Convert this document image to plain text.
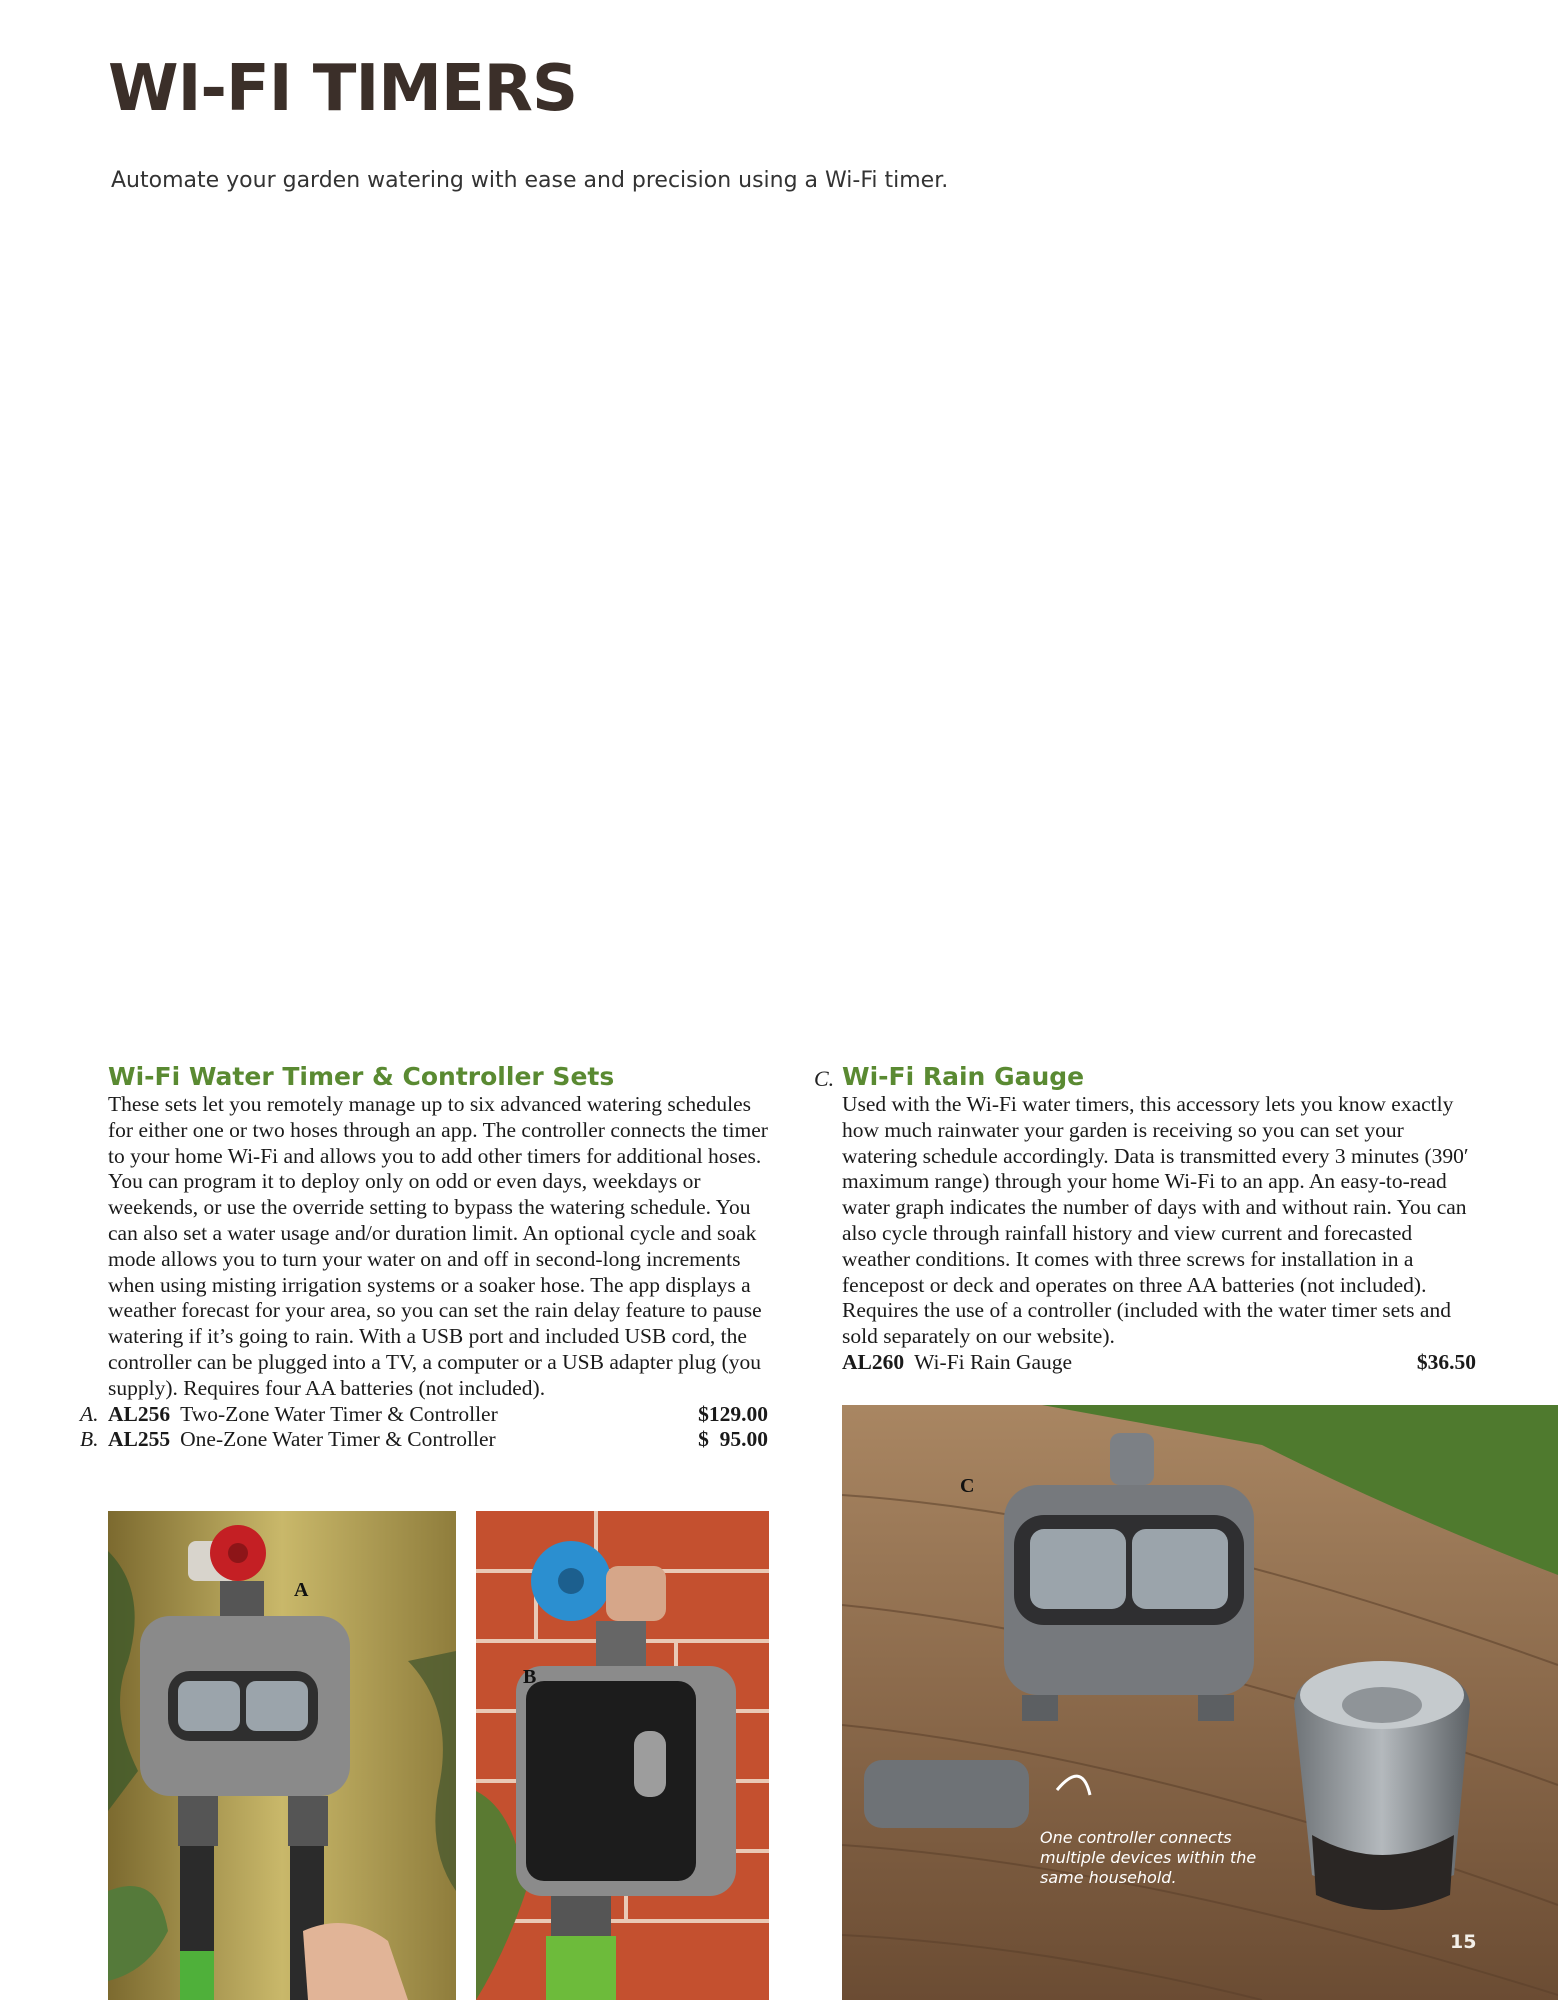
WI-FI TIMERS

Automate your garden watering with ease and precision using a Wi-Fi timer.

Wi-Fi Water Timer & Controller Sets

These sets let you remotely manage up to six advanced watering schedules for either one or two hoses through an app. The controller connects the timer to your home Wi-Fi and allows you to add other timers for additional hoses. You can program it to deploy only on odd or even days, weekdays or weekends, or use the override setting to bypass the watering schedule. You can also set a water usage and/or duration limit. An optional cycle and soak mode allows you to turn your water on and off in second-long increments when using misting irrigation systems or a soaker hose. The app displays a weather forecast for your area, so you can set the rain delay feature to pause watering if it’s going to rain. With a USB port and included USB cord, the controller can be plugged into a TV, a computer or a USB adapter plug (you supply). Requires four AA batteries (not included).

A. AL256 Two-Zone Water Timer & Controller	$129.00
B. AL255 One-Zone Water Timer & Controller	$  95.00
C. Wi-Fi Rain Gauge

Used with the Wi-Fi water timers, this accessory lets you know exactly how much rainwater your garden is receiving so you can set your watering schedule accordingly. Data is transmitted every 3 minutes (390′ maximum range) through your home Wi-Fi to an app. An easy-to-read water graph indicates the number of days with and without rain. You can also cycle through rainfall history and view current and forecasted weather conditions. It comes with three screws for installation in a fencepost or deck and operates on three AA batteries (not included). Requires the use of a controller (included with the water timer sets and sold separately on our website).

AL260 Wi-Fi Rain Gauge	$36.50
A
B
C
One controller connects multiple devices within the same household.
15
